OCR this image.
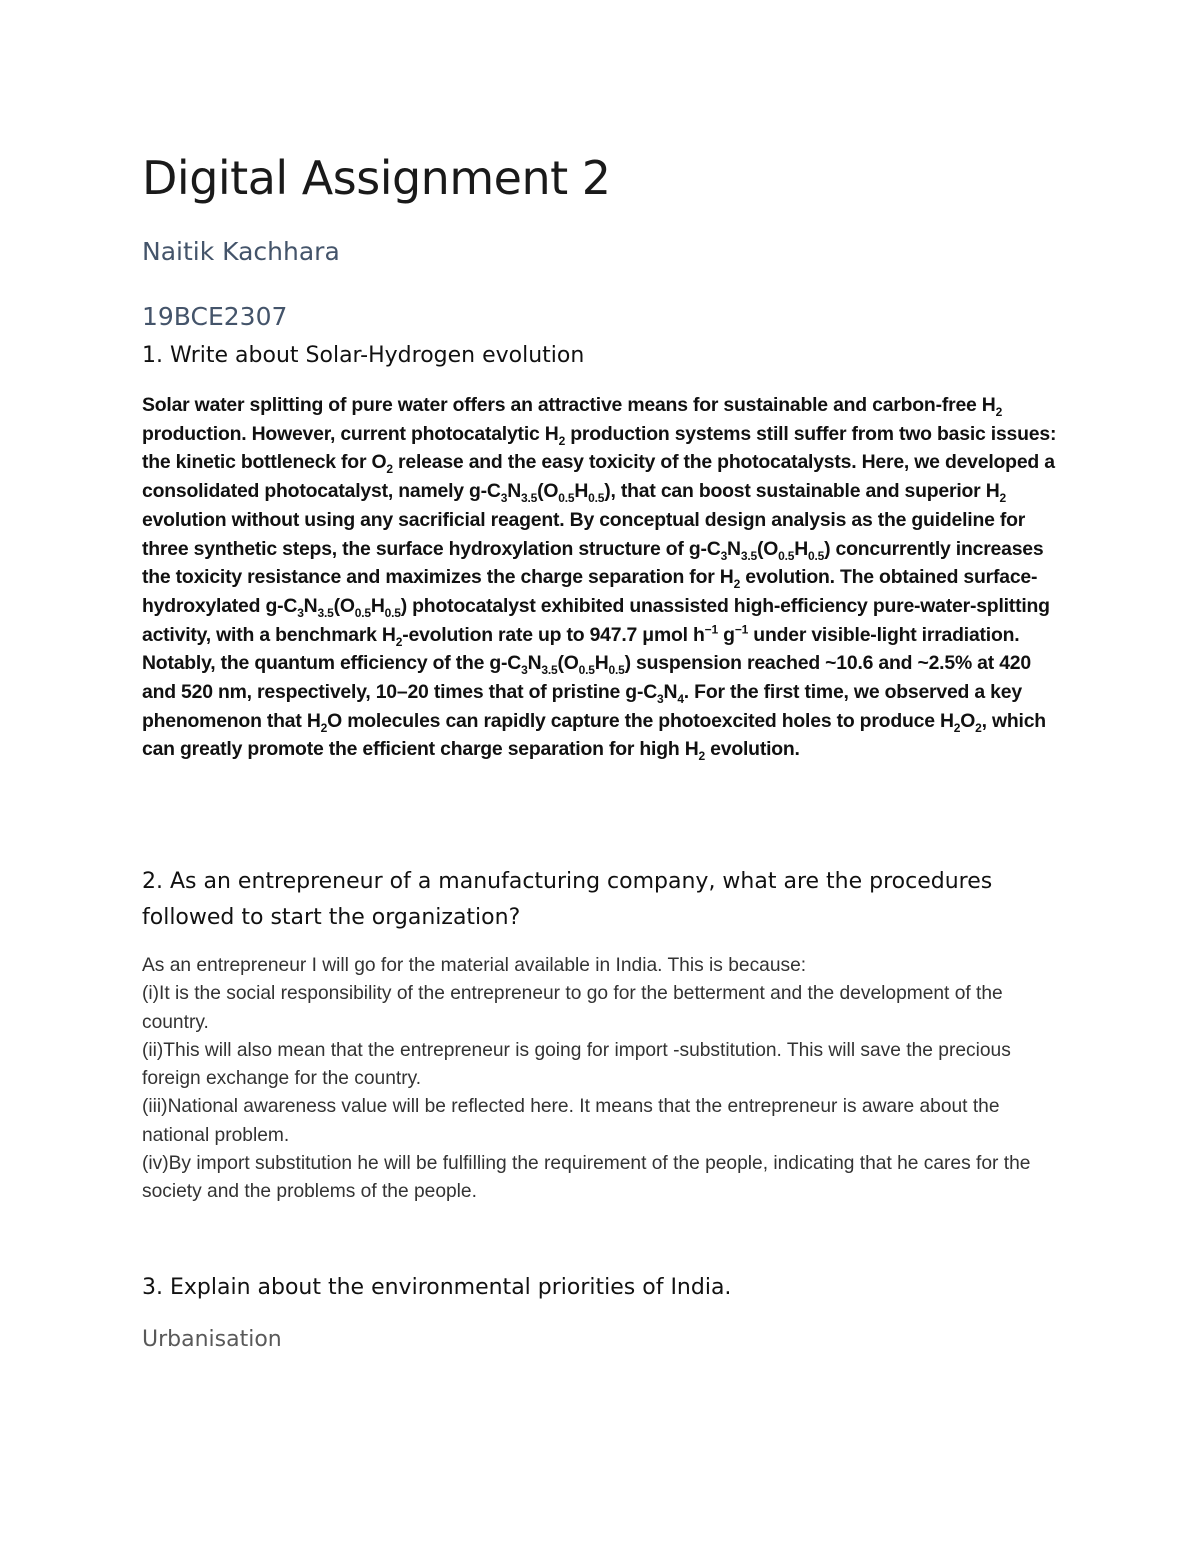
Digital Assignment 2

Naitik Kachhara

19BCE2307

1. Write about Solar-Hydrogen evolution

Solar water splitting of pure water offers an attractive means for sustainable and carbon-free $H_2$ production. However, current photocatalytic $H_2$ production systems still suffer from two basic issues: the kinetic bottleneck for $O_2$ release and the easy toxicity of the photocatalysts. Here, we developed a consolidated photocatalyst, namely $g-C_3N_{3.5}(O_{0.5}H_{0.5})$, that can boost sustainable and superior $H_2$ evolution without using any sacrificial reagent. By conceptual design analysis as the guideline for three synthetic steps, the surface hydroxylation structure of $g-C_3N_{3.5}(O_{0.5}H_{0.5})$ concurrently increases the toxicity resistance and maximizes the charge separation for $H_2$ evolution. The obtained surface-hydroxylated $g-C_3N_{3.5}(O_{0.5}H_{0.5})$ photocatalyst exhibited unassisted high-efficiency pure-water-splitting activity, with a benchmark $H_2$-evolution rate up to 947.7 μmol $h^{-1}$ $g^{-1}$ under visible-light irradiation. Notably, the quantum efficiency of the $g-C_3N_{3.5}(O_{0.5}H_{0.5})$ suspension reached ~10.6 and ~2.5% at 420 and 520 nm, respectively, 10–20 times that of pristine $g-C_3N_4$. For the first time, we observed a key phenomenon that $H_2O$ molecules can rapidly capture the photoexcited holes to produce $H_2O_2$, which can greatly promote the efficient charge separation for high $H_2$ evolution.

2. As an entrepreneur of a manufacturing company, what are the procedures followed to start the organization?
As an entrepreneur I will go for the material available in India. This is because:
(i)It is the social responsibility of the entrepreneur to go for the betterment and the development of the country.
(ii)This will also mean that the entrepreneur is going for import -substitution. This will save the precious foreign exchange for the country.
(iii)National awareness value will be reflected here. It means that the entrepreneur is aware about the national problem.
(iv)By import substitution he will be fulfilling the requirement of the people, indicating that he cares for the society and the problems of the people.
3. Explain about the environmental priorities of India.

Urbanisation
